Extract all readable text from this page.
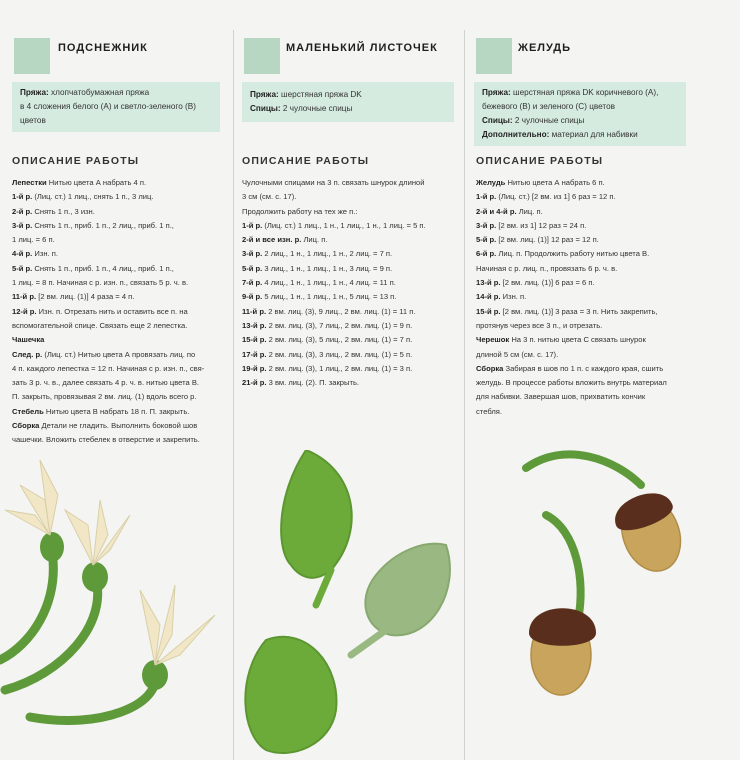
ПОДСНЕЖНИК
Пряжа: хлопчатобумажная пряжа
в 4 сложения белого (А) и светло-зеленого (В)
цветов
ОПИСАНИЕ РАБОТЫ
Лепестки Нитью цвета А набрать 4 п.
1-й р. (Лиц. ст.) 1 лиц., снять 1 п., 3 лиц.
2-й р. Снять 1 п., 3 изн.
3-й р. Снять 1 п., приб. 1 п., 2 лиц., приб. 1 п.,
1 лиц. = 6 п.
4-й р. Изн. п.
5-й р. Снять 1 п., приб. 1 п., 4 лиц., приб. 1 п.,
1 лиц. = 8 п. Начиная с р. изн. п., связать 5 р. ч. в.
11-й р. [2 вм. лиц. (1)] 4 раза = 4 п.
12-й р. Изн. п. Отрезать нить и оставить все п. на
вспомогательной спице. Связать еще 2 лепестка.
Чашечка
След. р. (Лиц. ст.) Нитью цвета А провязать лиц. по
4 п. каждого лепестка = 12 п. Начиная с р. изн. п., свя-
зать 3 р. ч. в., далее связать 4 р. ч. в. нитью цвета В.
П. закрыть, провязывая 2 вм. лиц. (1) вдоль всего р.
Стебель Нитью цвета В набрать 18 п. П. закрыть.
Сборка Детали не гладить. Выполнить боковой шов
чашечки. Вложить стебелек в отверстие и закрепить.
МАЛЕНЬКИЙ ЛИСТОЧЕК
Пряжа: шерстяная пряжа DK
Спицы: 2 чулочные спицы
ОПИСАНИЕ РАБОТЫ
Чулочными спицами на 3 п. связать шнурок длиной
3 см (см. с. 17).
Продолжить работу на тех же п.:
1-й р. (Лиц. ст.) 1 лиц., 1 н., 1 лиц., 1 н., 1 лиц. = 5 п.
2-й и все изн. р. Лиц. п.
3-й р. 2 лиц., 1 н., 1 лиц., 1 н., 2 лиц. = 7 п.
5-й р. 3 лиц., 1 н., 1 лиц., 1 н., 3 лиц. = 9 п.
7-й р. 4 лиц., 1 н., 1 лиц., 1 н., 4 лиц. = 11 п.
9-й р. 5 лиц., 1 н., 1 лиц., 1 н., 5 лиц. = 13 п.
11-й р. 2 вм. лиц. (3), 9 лиц., 2 вм. лиц. (1) = 11 п.
13-й р. 2 вм. лиц. (3), 7 лиц., 2 вм. лиц. (1) = 9 п.
15-й р. 2 вм. лиц. (3), 5 лиц., 2 вм. лиц. (1) = 7 п.
17-й р. 2 вм. лиц. (3), 3 лиц., 2 вм. лиц. (1) = 5 п.
19-й р. 2 вм. лиц. (3), 1 лиц., 2 вм. лиц. (1) = 3 п.
21-й р. 3 вм. лиц. (2). П. закрыть.
ЖЕЛУДЬ
Пряжа: шерстяная пряжа DK коричневого (А),
бежевого (В) и зеленого (С) цветов
Спицы: 2 чулочные спицы
Дополнительно: материал для набивки
ОПИСАНИЕ РАБОТЫ
Желудь Нитью цвета А набрать 6 п.
1-й р. (Лиц. ст.) [2 вм. из 1] 6 раз = 12 п.
2-й и 4-й р. Лиц. п.
3-й р. [2 вм. из 1] 12 раз = 24 п.
5-й р. [2 вм. лиц. (1)] 12 раз = 12 п.
6-й р. Лиц. п. Продолжить работу нитью цвета В.
Начиная с р. лиц. п., провязать 6 р. ч. в.
13-й р. [2 вм. лиц. (1)] 6 раз = 6 п.
14-й р. Изн. п.
15-й р. [2 вм. лиц. (1)] 3 раза = 3 п. Нить закрепить,
протянув через все 3 п., и отрезать.
Черешок На 3 п. нитью цвета С связать шнурок
длиной 5 см (см. с. 17).
Сборка Забирая в шов по 1 п. с каждого края, сшить
желудь. В процессе работы вложить внутрь материал
для набивки. Завершая шов, прихватить кончик
стебля.
